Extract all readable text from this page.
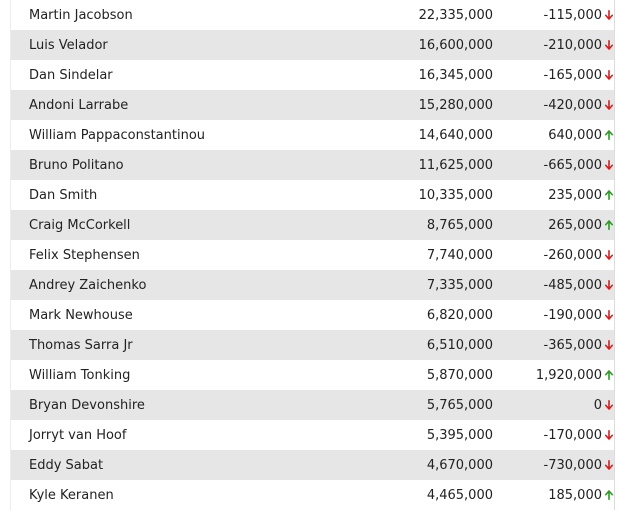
Martin Jacobson	22,335,000	-115,000
Luis Velador	16,600,000	-210,000
Dan Sindelar	16,345,000	-165,000
Andoni Larrabe	15,280,000	-420,000
William Pappaconstantinou	14,640,000	640,000
Bruno Politano	11,625,000	-665,000
Dan Smith	10,335,000	235,000
Craig McCorkell	8,765,000	265,000
Felix Stephensen	7,740,000	-260,000
Andrey Zaichenko	7,335,000	-485,000
Mark Newhouse	6,820,000	-190,000
Thomas Sarra Jr	6,510,000	-365,000
William Tonking	5,870,000	1,920,000
Bryan Devonshire	5,765,000	0
Jorryt van Hoof	5,395,000	-170,000
Eddy Sabat	4,670,000	-730,000
Kyle Keranen	4,465,000	185,000
